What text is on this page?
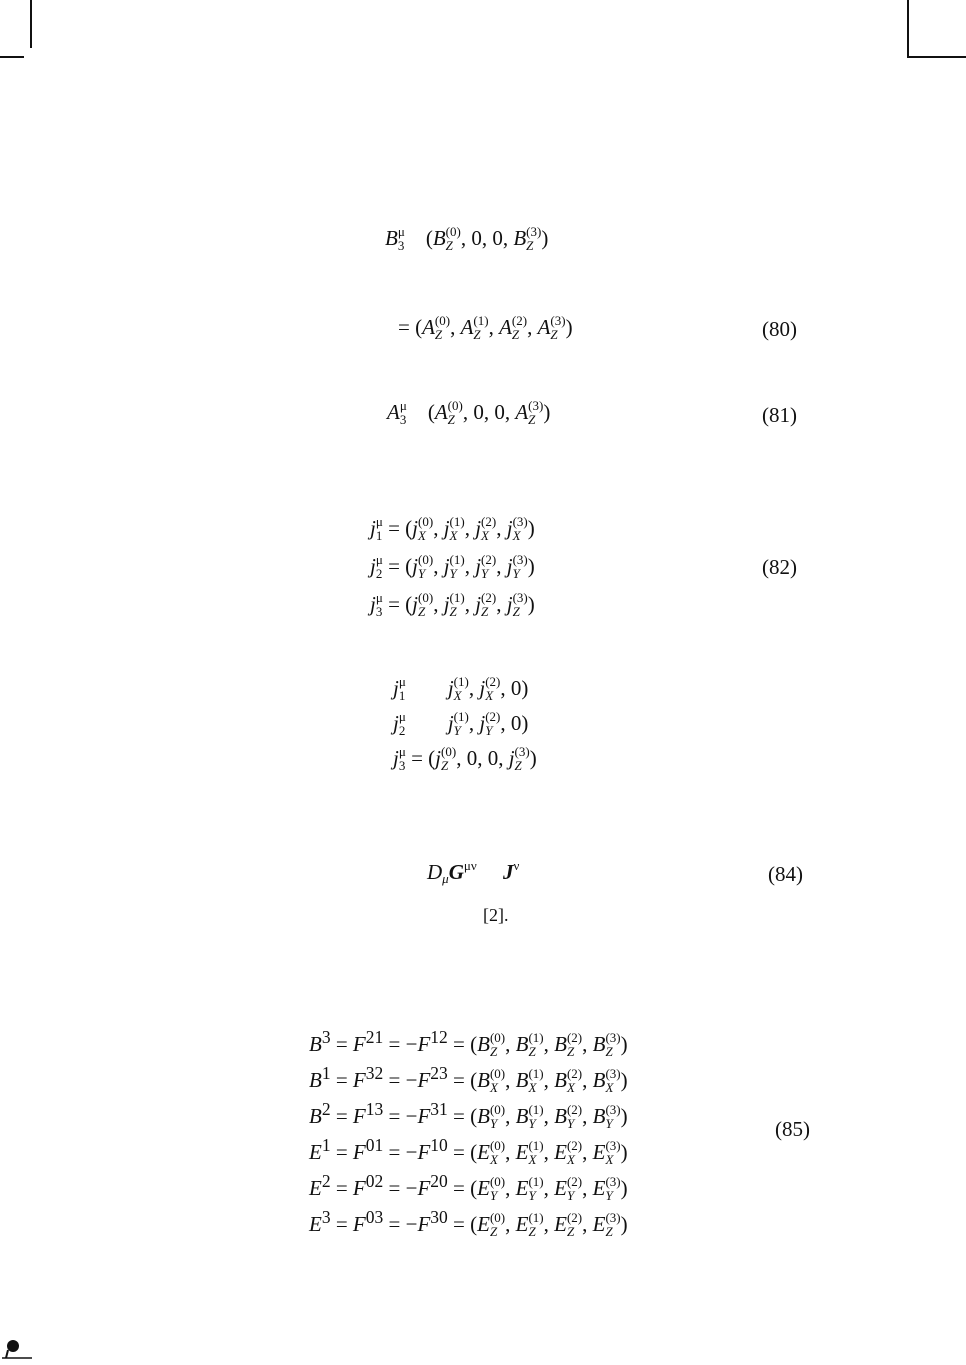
B μ
3 (B (0)
Z , 0, 0, B (3)
Z )
= (A (0)
Z , A (1)
Z , A (2)
Z , A (3)
Z )	(80)
A μ
3 (A (0)
Z , 0, 0, A (3)
Z )	(81)
j μ
1 = (j (0)
X , j (1)
X , j (2)
X , j (3)
X )
j μ
2 = (j (0)
Y , j (1)
Y , j (2)
Y , j (3)
Y )
j μ
3 = (j (0)
Z , j (1)
Z , j (2)
Z , j (3)
Z )
(82)
j μ
1 j (1)
X , j (2)
X , 0)
j μ
2 j (1)
Y , j (2)
Y , 0)
j μ
3 = (j (0)
Z , 0, 0, j (3)
Z )
D μ G μν J ν	(84)
[2].
$B^3 = F^{21} = -F^{12} = (B$ (0)
Z , B (1)
Z , B (2)
Z , B (3)
Z )
$B^1 = F^{32} = -F^{23} = (B$ (0)
X , B (1)
X , B (2)
X , B (3)
X )
$B^2 = F^{13} = -F^{31} = (B$ (0)
Y , B (1)
Y , B (2)
Y , B (3)
Y )
$E^1 = F^{01} = -F^{10} = (E$ (0)
X , E (1)
X , E (2)
X , E (3)
X )
$E^2 = F^{02} = -F^{20} = (E$ (0)
Y , E (1)
Y , E (2)
Y , E (3)
Y )
$E^3 = F^{03} = -F^{30} = (E$ (0)
Z , E (1)
Z , E (2)
Z , E (3)
Z )
(85)
